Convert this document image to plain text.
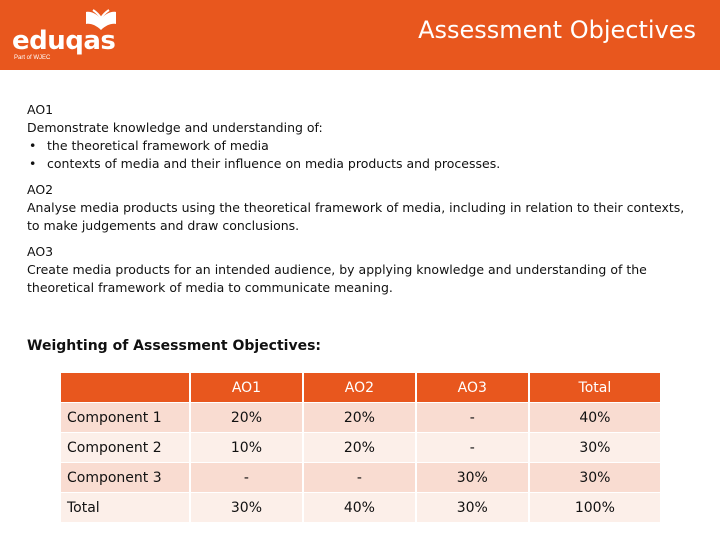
eduqas
Part of WJEC
Assessment Objectives
AO1
Demonstrate knowledge and understanding of:
• the theoretical framework of media
• contexts of media and their influence on media products and processes.
AO2
Analyse media products using the theoretical framework of media, including in relation to their contexts, to make judgements and draw conclusions.
AO3
Create media products for an intended audience, by applying knowledge and understanding of the theoretical framework of media to communicate meaning.
Weighting of Assessment Objectives:
	AO1	AO2	AO3	Total
Component 1	20%	20%	-	40%
Component 2	10%	20%	-	30%
Component 3	-	-	30%	30%
Total	30%	40%	30%	100%
